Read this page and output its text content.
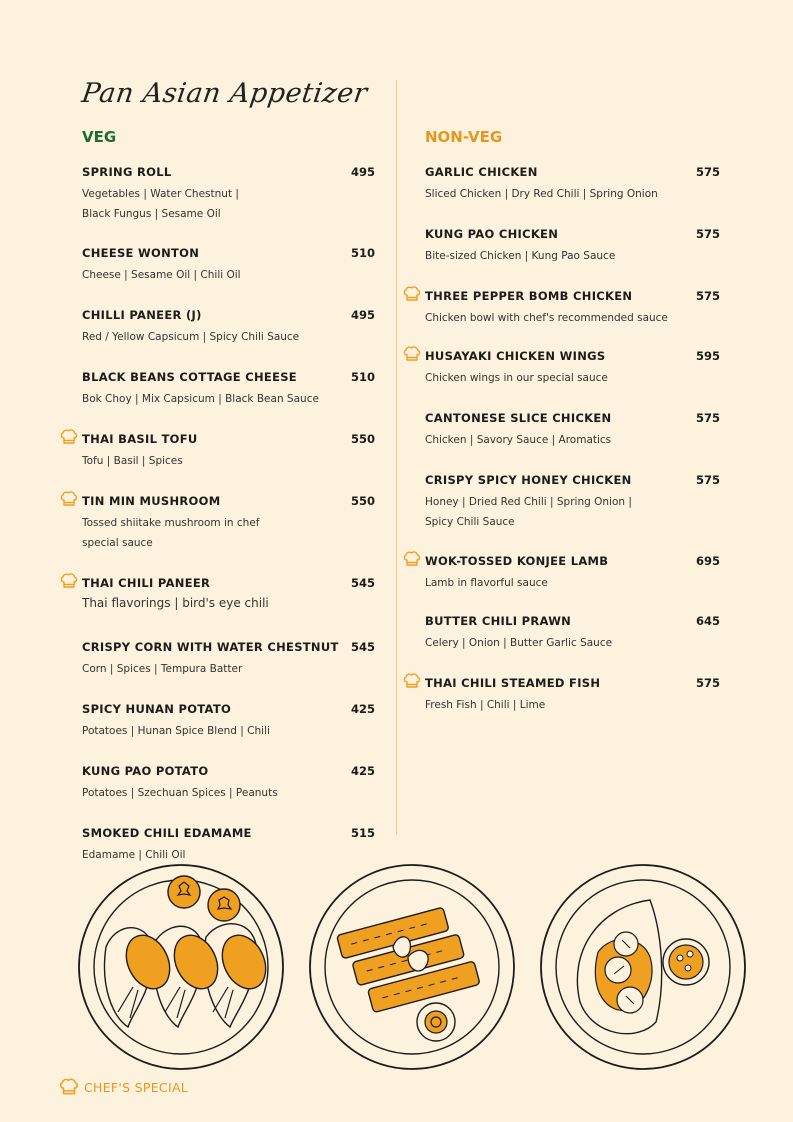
Pan Asian Appetizer
VEG	NON-VEG
SPRING ROLL	495
Vegetables | Water Chestnut | Black Fungus | Sesame Oil
CHEESE WONTON	510
Cheese | Sesame Oil | Chili Oil
CHILLI PANEER (J)	495
Red / Yellow Capsicum | Spicy Chili Sauce
BLACK BEANS COTTAGE CHEESE	510
Bok Choy | Mix Capsicum | Black Bean Sauce
THAI BASIL TOFU	550
Tofu | Basil | Spices
TIN MIN MUSHROOM	550
Tossed shiitake mushroom in chef special sauce
THAI CHILI PANEER	545
Thai flavorings | bird's eye chili
CRISPY CORN WITH WATER CHESTNUT 545
Corn | Spices | Tempura Batter
SPICY HUNAN POTATO	425
Potatoes | Hunan Spice Blend | Chili
KUNG PAO POTATO	425
Potatoes | Szechuan Spices | Peanuts
SMOKED CHILI EDAMAME	515
Edamame | Chili Oil
GARLIC CHICKEN	575
Sliced Chicken | Dry Red Chili | Spring Onion
KUNG PAO CHICKEN	575
Bite-sized Chicken | Kung Pao Sauce
THREE PEPPER BOMB CHICKEN	575
Chicken bowl with chef's recommended sauce
HUSAYAKI CHICKEN WINGS	595
Chicken wings in our special sauce
CANTONESE SLICE CHICKEN	575
Chicken | Savory Sauce | Aromatics
CRISPY SPICY HONEY CHICKEN	575
Honey | Dried Red Chili | Spring Onion | Spicy Chili Sauce
WOK-TOSSED KONJEE LAMB	695
Lamb in flavorful sauce
BUTTER CHILI PRAWN	645
Celery | Onion | Butter Garlic Sauce
THAI CHILI STEAMED FISH	575
Fresh Fish | Chili | Lime
CHEF'S SPECIAL
